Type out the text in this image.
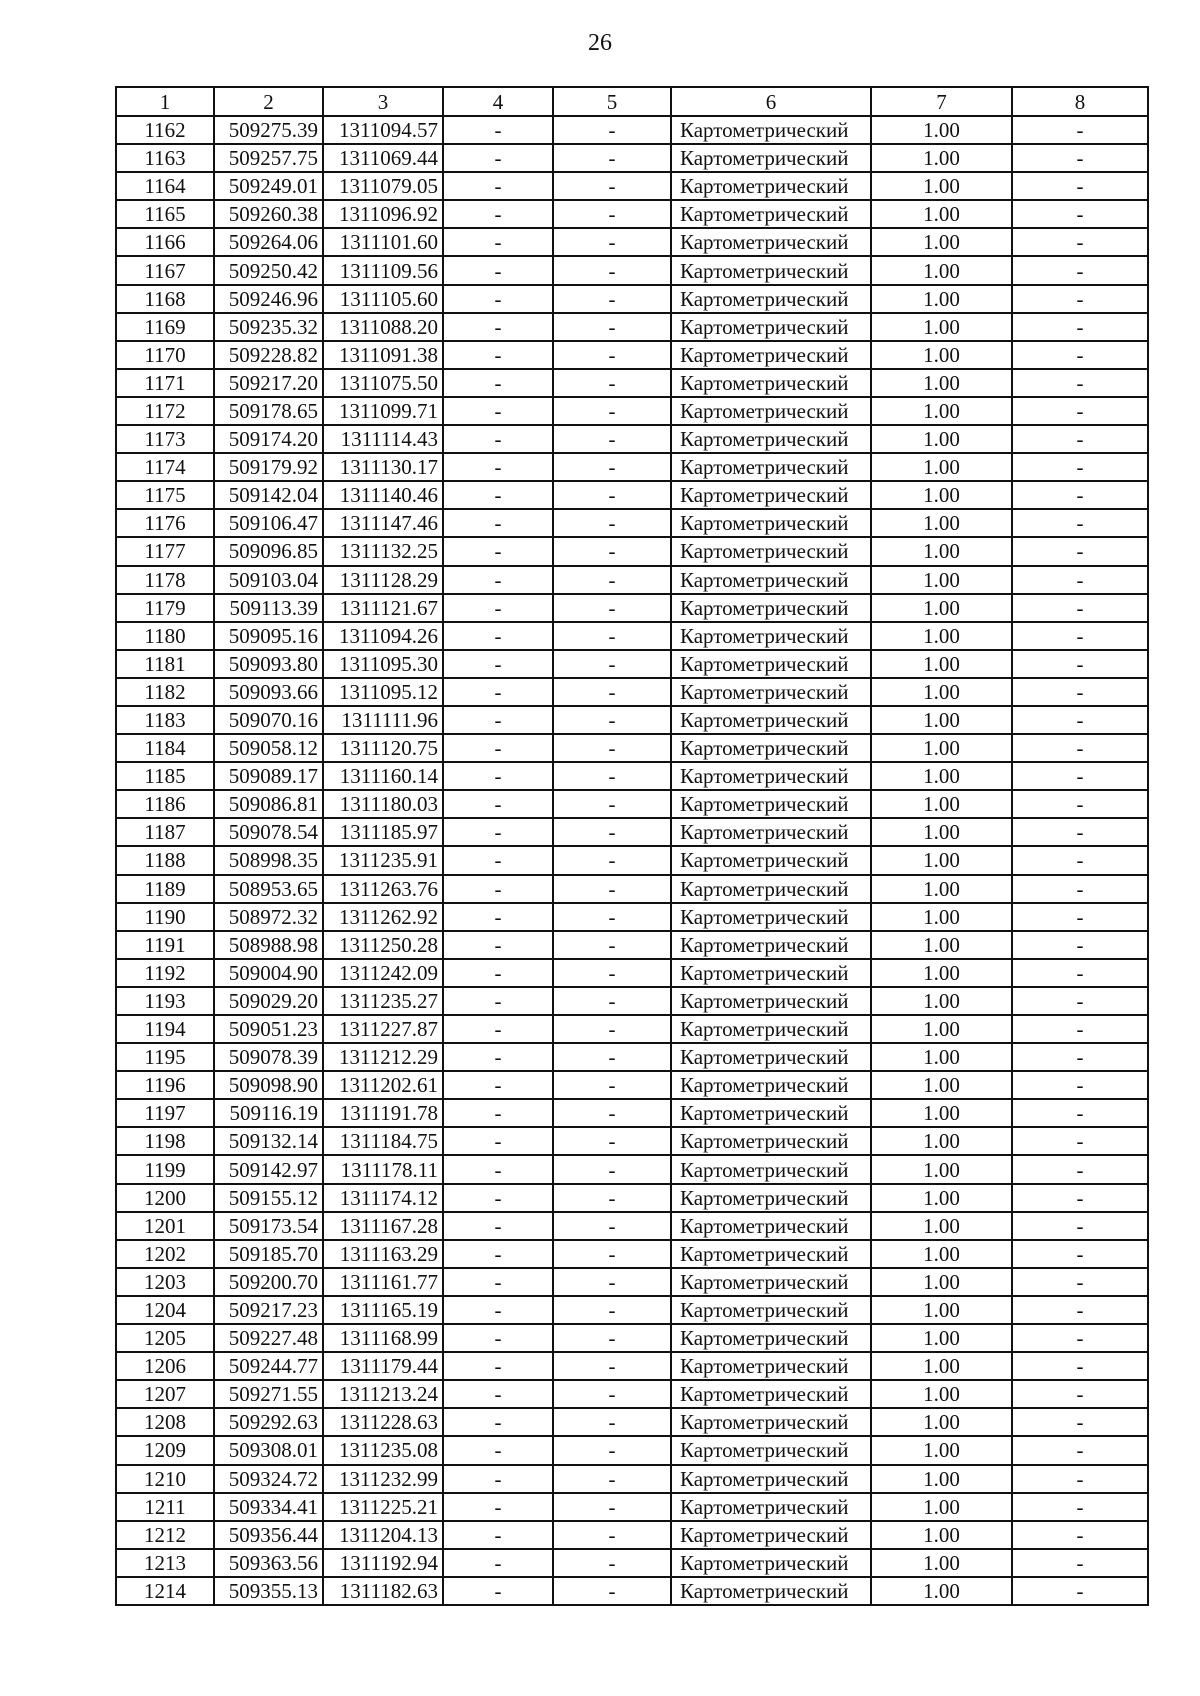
26
1	2	3	4	5	6	7	8
1162	509275.39	1311094.57	-	-	Картометрический	1.00	-
1163	509257.75	1311069.44	-	-	Картометрический	1.00	-
1164	509249.01	1311079.05	-	-	Картометрический	1.00	-
1165	509260.38	1311096.92	-	-	Картометрический	1.00	-
1166	509264.06	1311101.60	-	-	Картометрический	1.00	-
1167	509250.42	1311109.56	-	-	Картометрический	1.00	-
1168	509246.96	1311105.60	-	-	Картометрический	1.00	-
1169	509235.32	1311088.20	-	-	Картометрический	1.00	-
1170	509228.82	1311091.38	-	-	Картометрический	1.00	-
1171	509217.20	1311075.50	-	-	Картометрический	1.00	-
1172	509178.65	1311099.71	-	-	Картометрический	1.00	-
1173	509174.20	1311114.43	-	-	Картометрический	1.00	-
1174	509179.92	1311130.17	-	-	Картометрический	1.00	-
1175	509142.04	1311140.46	-	-	Картометрический	1.00	-
1176	509106.47	1311147.46	-	-	Картометрический	1.00	-
1177	509096.85	1311132.25	-	-	Картометрический	1.00	-
1178	509103.04	1311128.29	-	-	Картометрический	1.00	-
1179	509113.39	1311121.67	-	-	Картометрический	1.00	-
1180	509095.16	1311094.26	-	-	Картометрический	1.00	-
1181	509093.80	1311095.30	-	-	Картометрический	1.00	-
1182	509093.66	1311095.12	-	-	Картометрический	1.00	-
1183	509070.16	1311111.96	-	-	Картометрический	1.00	-
1184	509058.12	1311120.75	-	-	Картометрический	1.00	-
1185	509089.17	1311160.14	-	-	Картометрический	1.00	-
1186	509086.81	1311180.03	-	-	Картометрический	1.00	-
1187	509078.54	1311185.97	-	-	Картометрический	1.00	-
1188	508998.35	1311235.91	-	-	Картометрический	1.00	-
1189	508953.65	1311263.76	-	-	Картометрический	1.00	-
1190	508972.32	1311262.92	-	-	Картометрический	1.00	-
1191	508988.98	1311250.28	-	-	Картометрический	1.00	-
1192	509004.90	1311242.09	-	-	Картометрический	1.00	-
1193	509029.20	1311235.27	-	-	Картометрический	1.00	-
1194	509051.23	1311227.87	-	-	Картометрический	1.00	-
1195	509078.39	1311212.29	-	-	Картометрический	1.00	-
1196	509098.90	1311202.61	-	-	Картометрический	1.00	-
1197	509116.19	1311191.78	-	-	Картометрический	1.00	-
1198	509132.14	1311184.75	-	-	Картометрический	1.00	-
1199	509142.97	1311178.11	-	-	Картометрический	1.00	-
1200	509155.12	1311174.12	-	-	Картометрический	1.00	-
1201	509173.54	1311167.28	-	-	Картометрический	1.00	-
1202	509185.70	1311163.29	-	-	Картометрический	1.00	-
1203	509200.70	1311161.77	-	-	Картометрический	1.00	-
1204	509217.23	1311165.19	-	-	Картометрический	1.00	-
1205	509227.48	1311168.99	-	-	Картометрический	1.00	-
1206	509244.77	1311179.44	-	-	Картометрический	1.00	-
1207	509271.55	1311213.24	-	-	Картометрический	1.00	-
1208	509292.63	1311228.63	-	-	Картометрический	1.00	-
1209	509308.01	1311235.08	-	-	Картометрический	1.00	-
1210	509324.72	1311232.99	-	-	Картометрический	1.00	-
1211	509334.41	1311225.21	-	-	Картометрический	1.00	-
1212	509356.44	1311204.13	-	-	Картометрический	1.00	-
1213	509363.56	1311192.94	-	-	Картометрический	1.00	-
1214	509355.13	1311182.63	-	-	Картометрический	1.00	-
